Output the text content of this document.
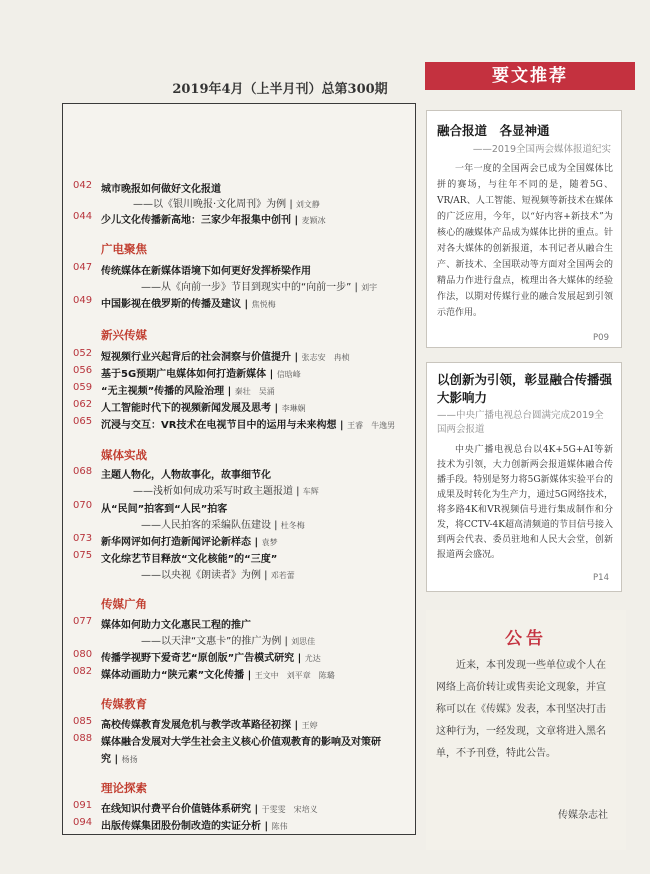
2019年4月（上半月刊）总第300期
042 城市晚报如何做好文化报道
——以《银川晚报·文化周刊》为例 | 刘文静
044 少儿文化传播新高地：三家少年报集中创刊 | 麦颖冰
广电聚焦
047 传统媒体在新媒体语境下如何更好发挥桥梁作用
——从《向前一步》节目到现实中的“向前一步” | 刘宇
049 中国影视在俄罗斯的传播及建议 | 焦悦梅
新兴传媒
052 短视频行业兴起背后的社会洞察与价值提升 | 张志安　冉桢
056 基于5G预期广电媒体如何打造新媒体 | 信晗峰
059 “无主视频”传播的风险治理 | 秦壮　吴涌
062 人工智能时代下的视频新闻发展及思考 | 李琳娴
065 沉浸与交互：VR技术在电视节目中的运用与未来构想 | 王睿　牛逸男
媒体实战
068 主题人物化，人物故事化，故事细节化
——浅析如何成功采写时政主题报道 | 车辉
070 从“民间”拍客到“人民”拍客
——人民拍客的采编队伍建设 | 杜冬梅
073 新华网评如何打造新闻评论新样态 | 袁梦
075 文化综艺节目释放“文化核能”的“三度”
——以央视《朗读者》为例 | 邓若蕾
传媒广角
077 媒体如何助力文化惠民工程的推广
——以天津“文惠卡”的推广为例 | 刘思佳
080 传播学视野下爱奇艺“原创版”广告模式研究 | 尤达
082 媒体动画助力“陕元素”文化传播 | 王文中　刘平章　陈璐
传媒教育
085 高校传媒教育发展危机与教学改革路径初探 | 王婷
088 媒体融合发展对大学生社会主义核心价值观教育的影响及对策研
究 | 杨扬
理论探索
091 在线知识付费平台价值链体系研究 | 于雯雯　宋培义
094 出版传媒集团股份制改造的实证分析 | 陈伟
要文推荐
融合报道　各显神通
——2019全国两会媒体报道纪实
一年一度的全国两会已成为全国媒体比拼的赛场，与往年不同的是，随着5G、VR/AR、人工智能、短视频等新技术在媒体的广泛应用，今年，以“好内容+新技术”为核心的融媒体产品成为媒体比拼的重点。针对各大媒体的创新报道，本刊记者从融合生产、新技术、全国联动等方面对全国两会的精品力作进行盘点，梳理出各大媒体的经验作法，以期对传媒行业的融合发展起到引领示范作用。
P09
以创新为引领，彰显融合传播强大影响力
——中央广播电视总台圆满完成2019全国两会报道
中央广播电视总台以4K+5G+AI等新技术为引领，大力创新两会报道媒体融合传播手段。特别是努力将5G新媒体实验平台的成果及时转化为生产力，通过5G网络技术，将多路4K和VR视频信号进行集成制作和分发，将CCTV-4K超高清频道的节目信号接入到两会代表、委员驻地和人民大会堂，创新报道两会盛况。
P14
公告
近来，本刊发现一些单位或个人在网络上高价转让或售卖论文现象，并宣称可以在《传媒》发表，本刊坚决打击这种行为，一经发现，文章将进入黑名单，不予刊登，特此公告。
传媒杂志社
